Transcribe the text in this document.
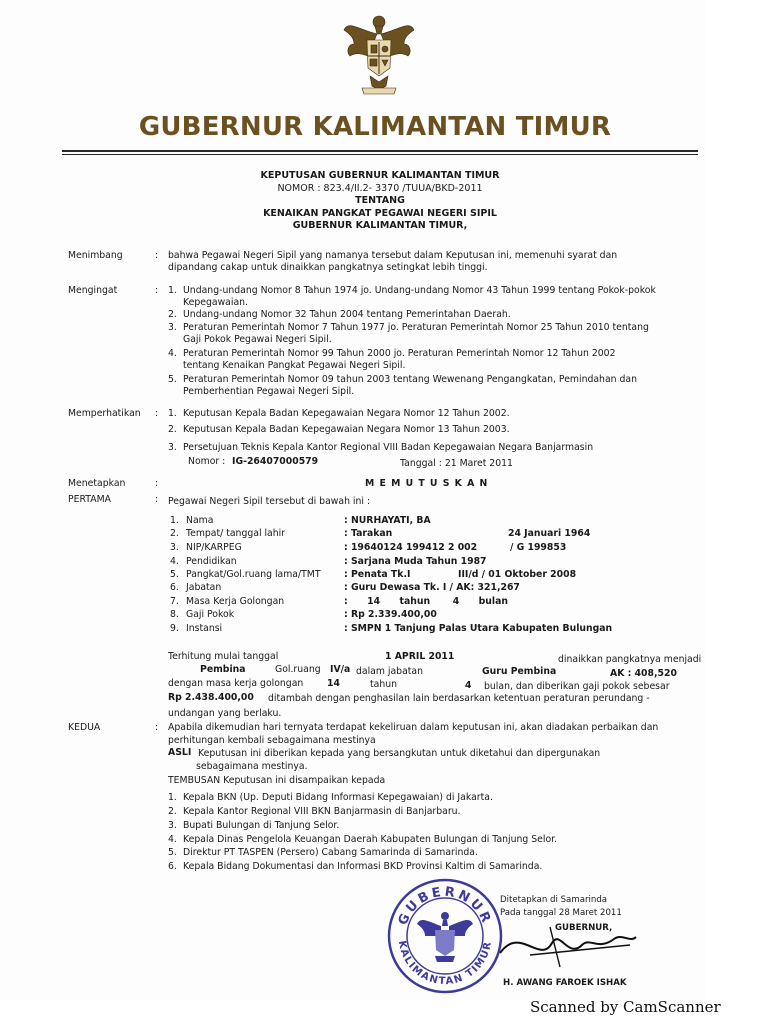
GUBERNUR KALIMANTAN TIMUR
KEPUTUSAN GUBERNUR KALIMANTAN TIMUR
NOMOR : 823.4/II.2- 3370 /TUUA/BKD-2011
TENTANG
KENAIKAN PANGKAT PEGAWAI NEGERI SIPIL
GUBERNUR KALIMANTAN TIMUR,
Menimbang	: bahwa Pegawai Negeri Sipil yang namanya tersebut dalam Keputusan ini, memenuhi syarat dan
dipandang cakap untuk dinaikkan pangkatnya setingkat lebih tinggi.
Mengingat	: 1. Undang-undang Nomor 8 Tahun 1974 jo. Undang-undang Nomor 43 Tahun 1999 tentang Pokok-pokok
Kepegawaian.
2. Undang-undang Nomor 32 Tahun 2004 tentang Pemerintahan Daerah.
3. Peraturan Pemerintah Nomor 7 Tahun 1977 jo. Peraturan Pemerintah Nomor 25 Tahun 2010 tentang
Gaji Pokok Pegawai Negeri Sipil.
4. Peraturan Pemerintah Nomor 99 Tahun 2000 jo. Peraturan Pemerintah Nomor 12 Tahun 2002
tentang Kenaikan Pangkat Pegawai Negeri Sipil.
5. Peraturan Pemerintah Nomor 09 tahun 2003 tentang Wewenang Pengangkatan, Pemindahan dan
Pemberhentian Pegawai Negeri Sipil.
Memperhatikan : 1. Keputusan Kepala Badan Kepegawaian Negara Nomor 12 Tahun 2002.
2. Keputusan Kepala Badan Kepegawaian Negara Nomor 13 Tahun 2003.
3. Persetujuan Teknis Kepala Kantor Regional VIII Badan Kepegawaian Negara Banjarmasin
Nomor : IG-26407000579	Tanggal : 21 Maret 2011
Menetapkan	:	M E M U T U S K A N
PERTAMA	: Pegawai Negeri Sipil tersebut di bawah ini :
1. Nama	: NURHAYATI, BA
2. Tempat/ tanggal lahir	: Tarakan	24 Januari 1964
3. NIP/KARPEG	: 19640124 199412 2 002	/ G 199853
4. Pendidikan	: Sarjana Muda Tahun 1987
5. Pangkat/Gol.ruang lama/TMT	: Penata Tk.I	III/d / 01 Oktober 2008
6. Jabatan	: Guru Dewasa Tk. I / AK: 321,267
7. Masa Kerja Golongan	:      14      tahun       4      bulan
8. Gaji Pokok	: Rp 2.339.400,00
9. Instansi	: SMPN 1 Tanjung Palas Utara Kabupaten Bulungan
Terhitung mulai tanggal	1 APRIL 2011	dinaikkan pangkatnya menjadi
Pembina	Gol.ruang IV/a dalam jabatan	Guru Pembina	AK : 408,520
dengan masa kerja golongan	14	tahun	4 bulan, dan diberikan gaji pokok sebesar
Rp 2.438.400,00 ditambah dengan penghasilan lain berdasarkan ketentuan peraturan perundang -
undangan yang berlaku.
KEDUA	: Apabila dikemudian hari ternyata terdapat kekeliruan dalam keputusan ini, akan diadakan perbaikan dan
perhitungan kembali sebagaimana mestinya
ASLI Keputusan ini diberikan kepada yang bersangkutan untuk diketahui dan dipergunakan
sebagaimana mestinya.
TEMBUSAN Keputusan ini disampaikan kepada
1. Kepala BKN (Up. Deputi Bidang Informasi Kepegawaian) di Jakarta.
2. Kepala Kantor Regional VIII BKN Banjarmasin di Banjarbaru.
3. Bupati Bulungan di Tanjung Selor.
4. Kepala Dinas Pengelola Keuangan Daerah Kabupaten Bulungan di Tanjung Selor.
5. Direktur PT TASPEN (Persero) Cabang Samarinda di Samarinda.
6. Kepala Bidang Dokumentasi dan Informasi BKD Provinsi Kaltim di Samarinda.
Ditetapkan di Samarinda
Pada tanggal 28 Maret 2011
GUBERNUR,
H. AWANG FAROEK ISHAK
GUBERNUR
KALIMANTAN TIMUR
Scanned by CamScanner
